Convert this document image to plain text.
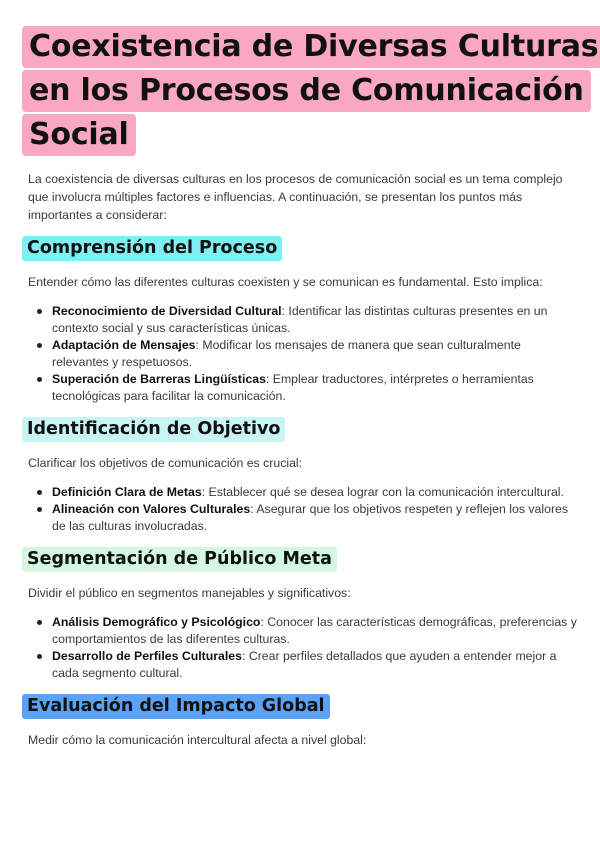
Coexistencia de Diversas Culturas
en los Procesos de Comunicación
Social

La coexistencia de diversas culturas en los procesos de comunicación social es un tema complejo que involucra múltiples factores e influencias. A continuación, se presentan los puntos más importantes a considerar:

Comprensión del Proceso

Entender cómo las diferentes culturas coexisten y se comunican es fundamental. Esto implica:

Reconocimiento de Diversidad Cultural: Identificar las distintas culturas presentes en un contexto social y sus características únicas.
Adaptación de Mensajes: Modificar los mensajes de manera que sean culturalmente relevantes y respetuosos.
Superación de Barreras Lingüísticas: Emplear traductores, intérpretes o herramientas tecnológicas para facilitar la comunicación.
Identificación de Objetivo

Clarificar los objetivos de comunicación es crucial:

Definición Clara de Metas: Establecer qué se desea lograr con la comunicación intercultural.
Alineación con Valores Culturales: Asegurar que los objetivos respeten y reflejen los valores de las culturas involucradas.
Segmentación de Público Meta

Dividir el público en segmentos manejables y significativos:

Análisis Demográfico y Psicológico: Conocer las características demográficas, preferencias y comportamientos de las diferentes culturas.
Desarrollo de Perfiles Culturales: Crear perfiles detallados que ayuden a entender mejor a cada segmento cultural.
Evaluación del Impacto Global

Medir cómo la comunicación intercultural afecta a nivel global:
